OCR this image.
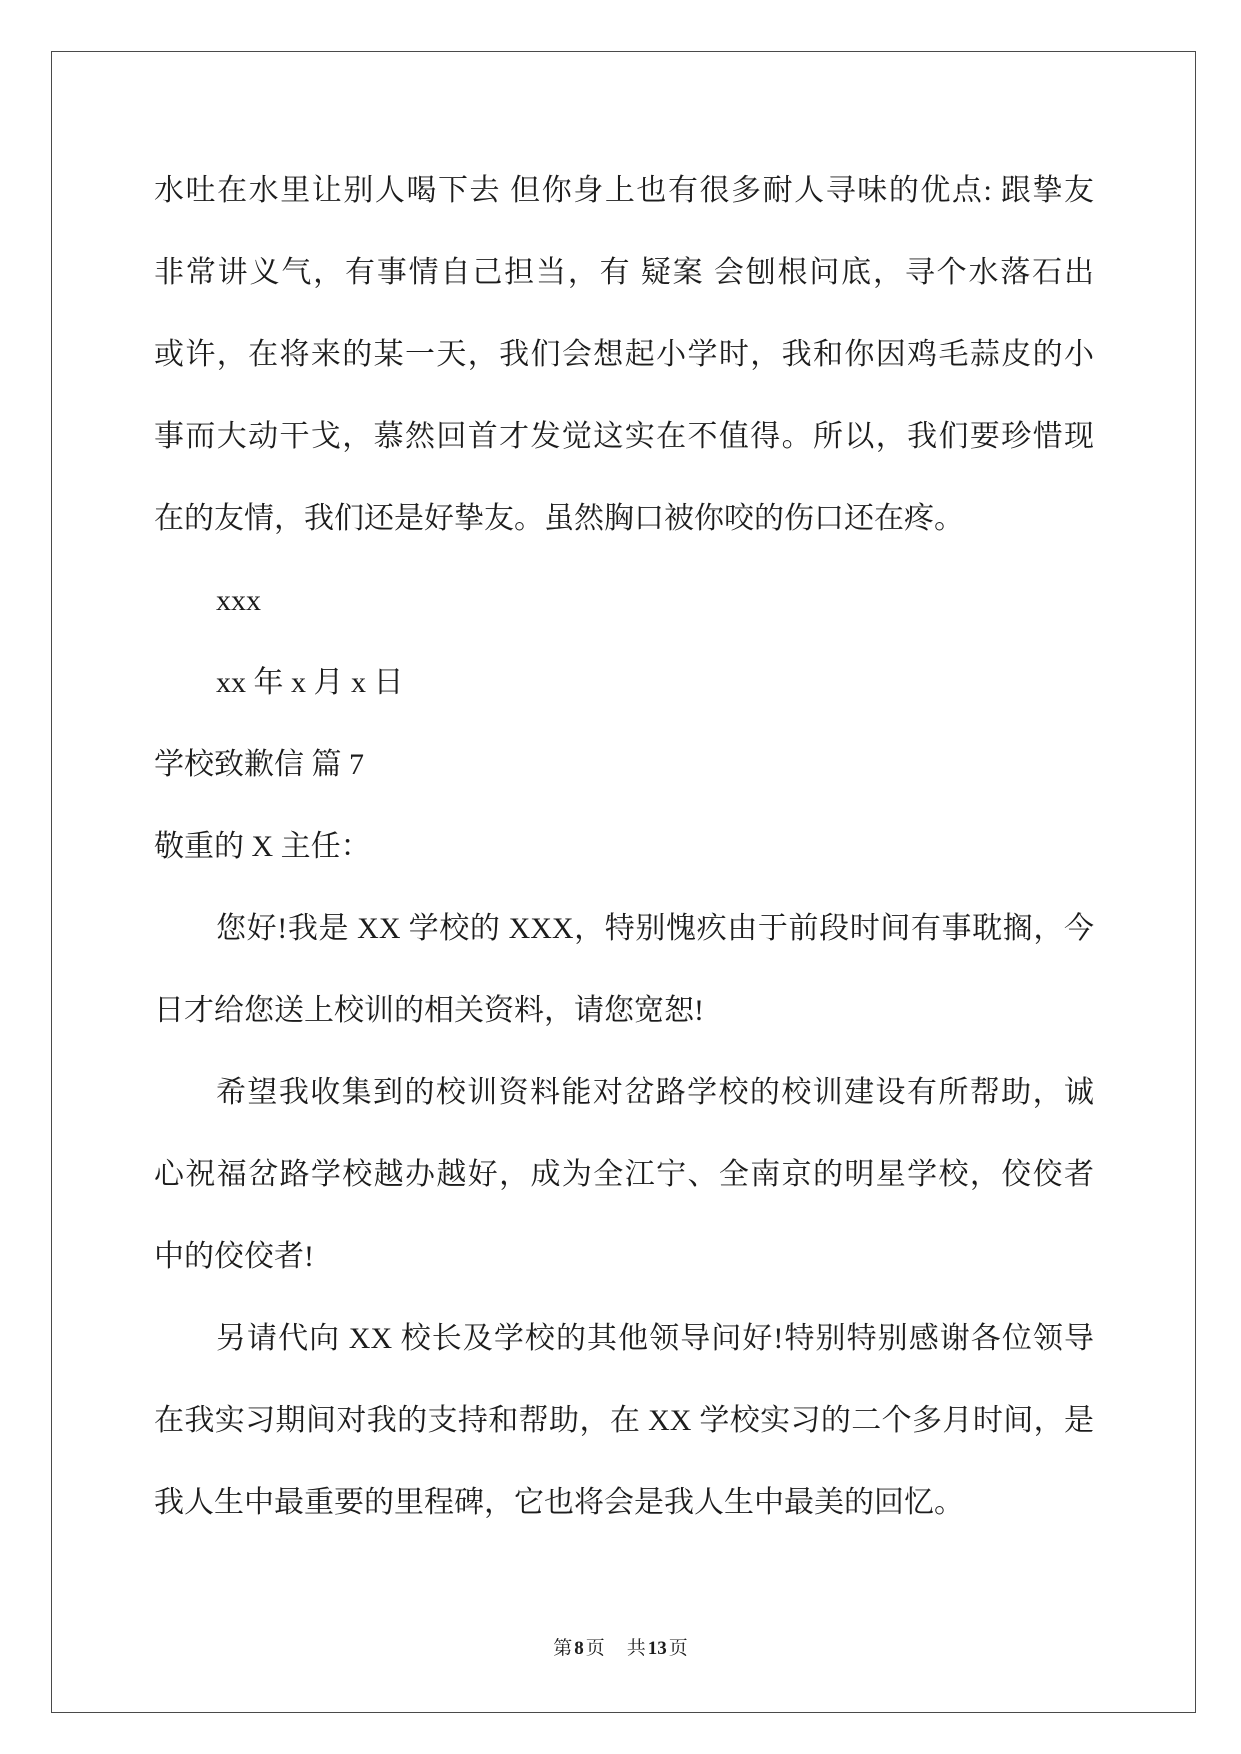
水吐在水里让别人喝下去 但你身上也有很多耐人寻味的优点: 跟挚友
非常讲义气，有事情自己担当，有 疑案 会刨根问底，寻个水落石出
或许，在将来的某一天，我们会想起小学时，我和你因鸡毛蒜皮的小
事而大动干戈，慕然回首才发觉这实在不值得。所以，我们要珍惜现
在的友情，我们还是好挚友。虽然胸口被你咬的伤口还在疼。
xxx
xx 年 x 月 x 日
学校致歉信 篇 7
敬重的 X 主任：
您好!我是 XX 学校的 XXX，特别愧疚由于前段时间有事耽搁，今
日才给您送上校训的相关资料，请您宽恕!
希望我收集到的校训资料能对岔路学校的校训建设有所帮助，诚
心祝福岔路学校越办越好，成为全江宁、全南京的明星学校，佼佼者
中的佼佼者!
另请代向 XX 校长及学校的其他领导问好!特别特别感谢各位领导
在我实习期间对我的支持和帮助，在 XX 学校实习的二个多月时间，是
我人生中最重要的里程碑，它也将会是我人生中最美的回忆。
第 8 页 共 13 页
